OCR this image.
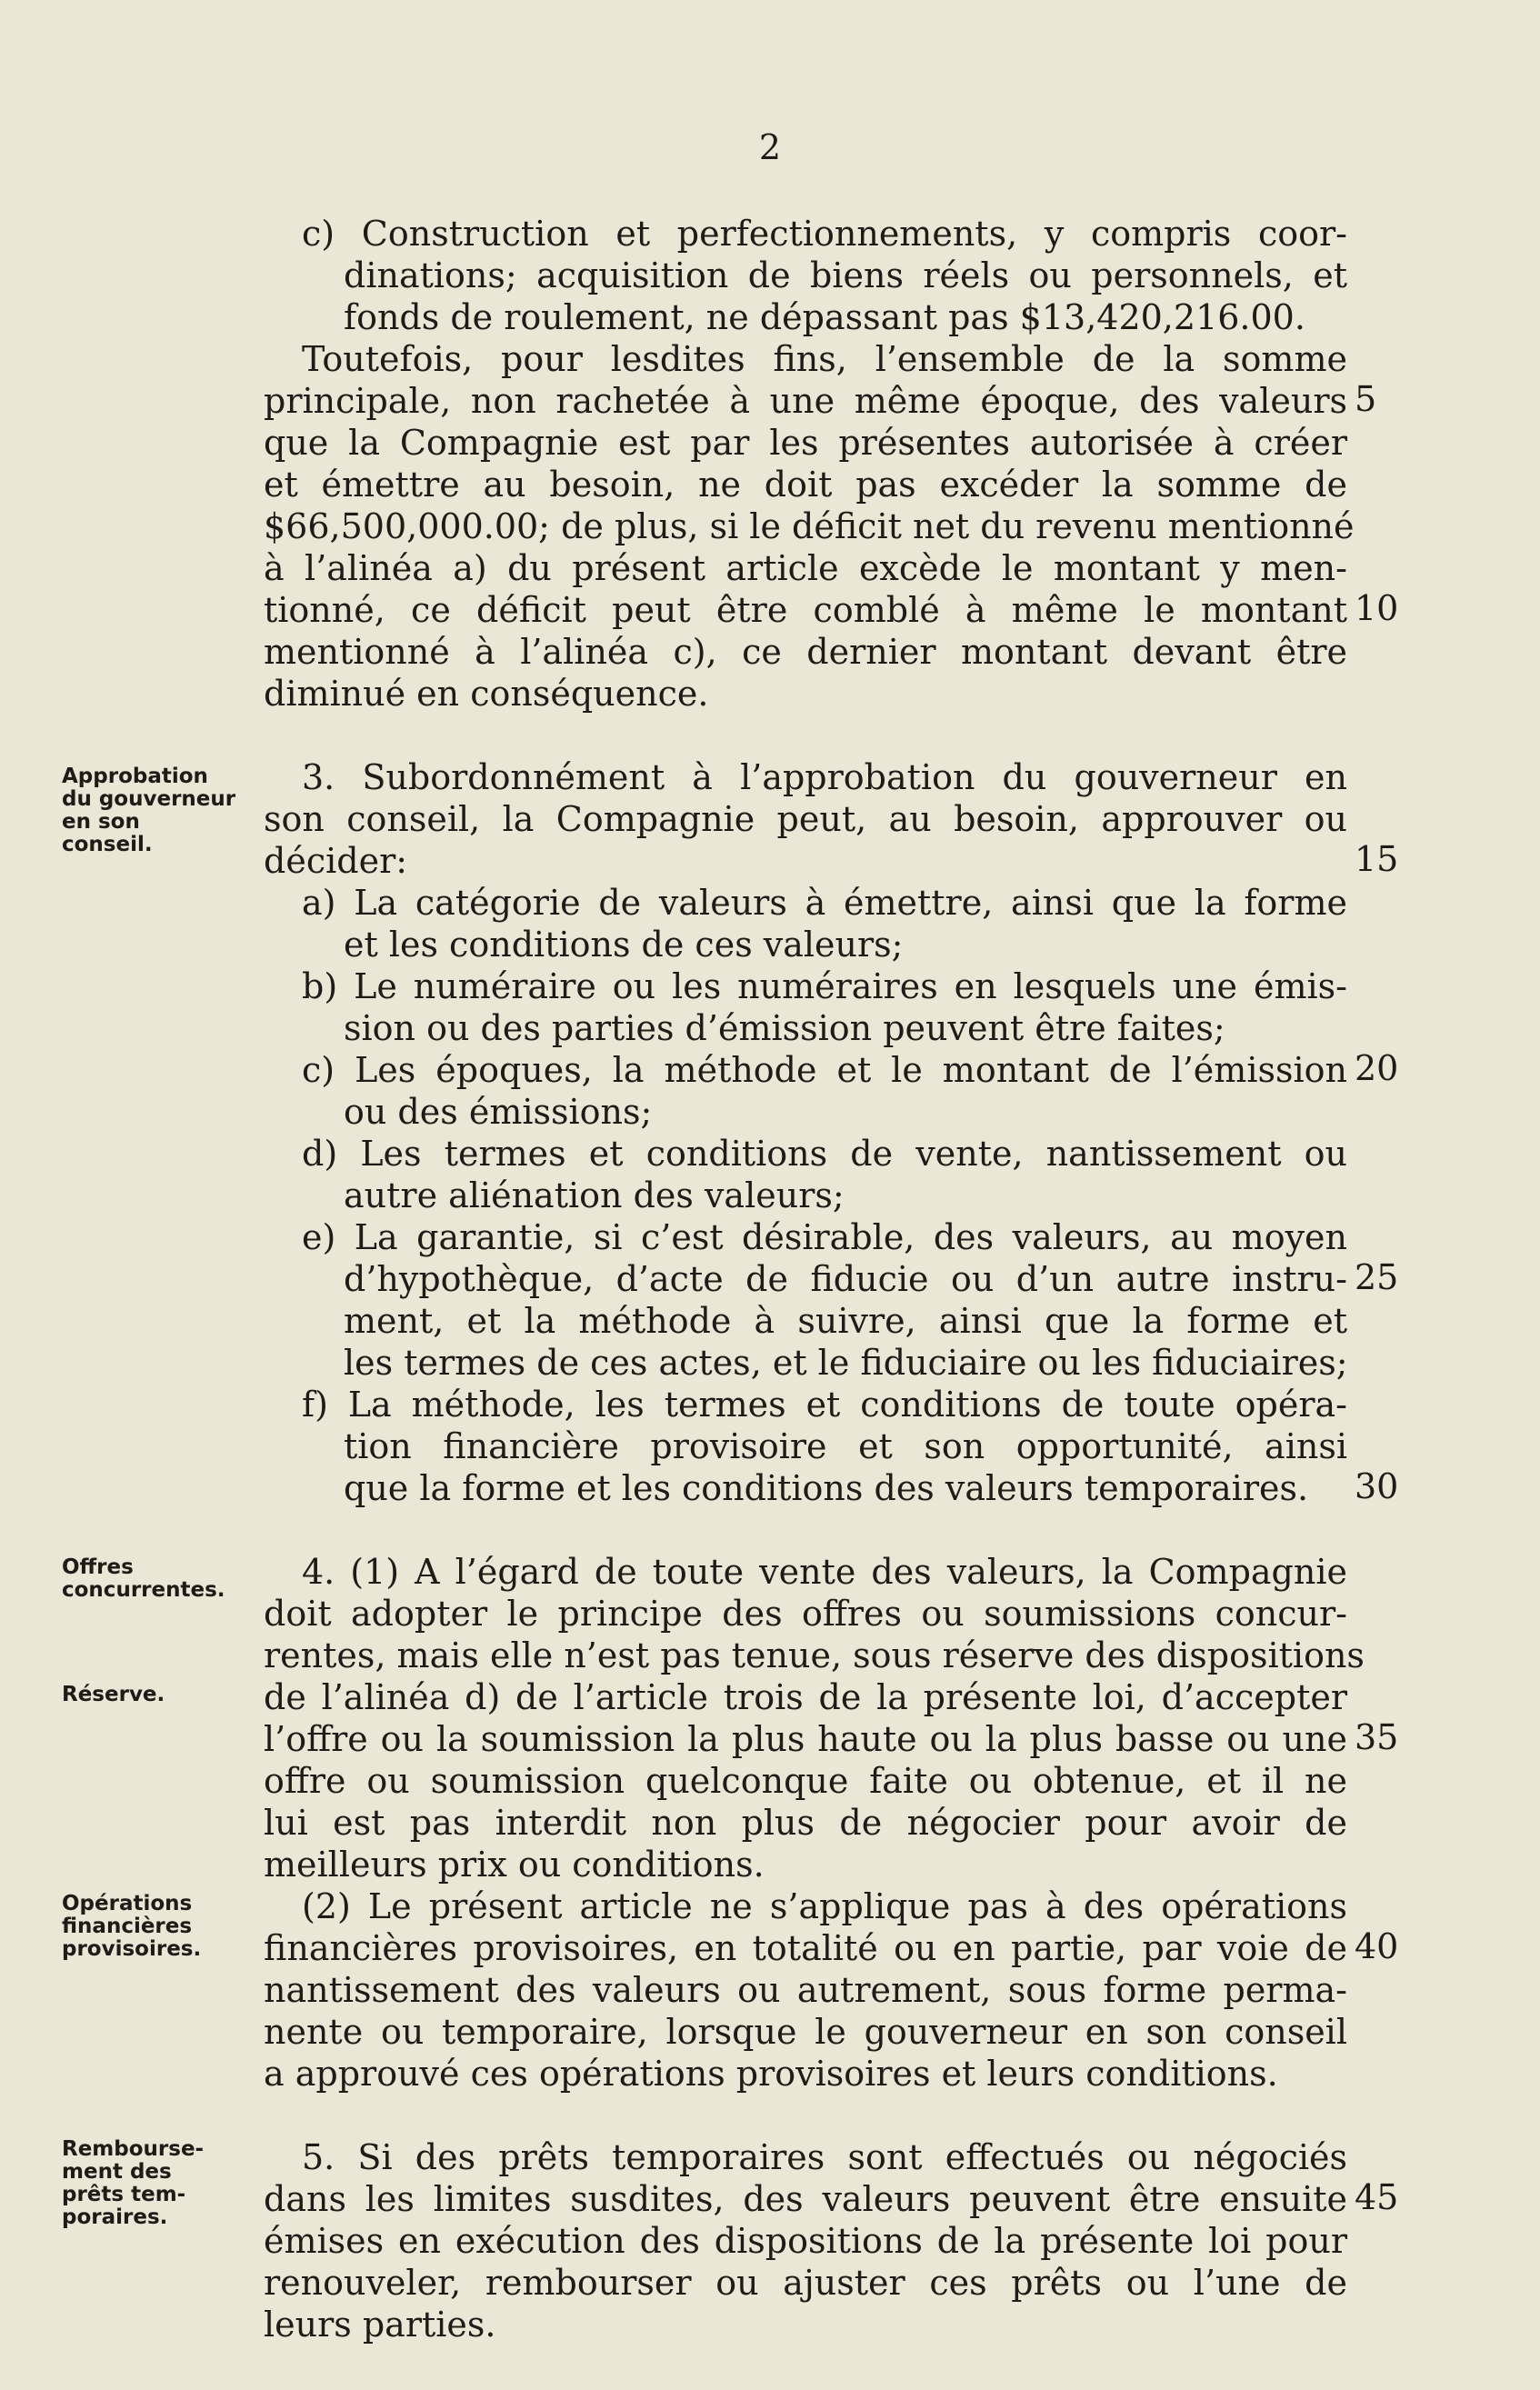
2
Approbation
du gouverneur
en son
conseil.
Offres
concurrentes.
Réserve.
Opérations
financières
provisoires.
Rembourse-
ment des
prêts tem-
poraires.
5
10
15
20
25
30
35
40
45
c) Construction et perfectionnements, y compris coor-
dinations; acquisition de biens réels ou personnels, et
fonds de roulement, ne dépassant pas $13,420,216.00.
Toutefois, pour lesdites fins, l’ensemble de la somme
principale, non rachetée à une même époque, des valeurs
que la Compagnie est par les présentes autorisée à créer
et émettre au besoin, ne doit pas excéder la somme de
$66,500,000.00; de plus, si le déficit net du revenu mentionné
à l’alinéa a) du présent article excède le montant y men-
tionné, ce déficit peut être comblé à même le montant
mentionné à l’alinéa c), ce dernier montant devant être
diminué en conséquence.
3. Subordonnément à l’approbation du gouverneur en
son conseil, la Compagnie peut, au besoin, approuver ou
décider:
a) La catégorie de valeurs à émettre, ainsi que la forme
et les conditions de ces valeurs;
b) Le numéraire ou les numéraires en lesquels une émis-
sion ou des parties d’émission peuvent être faites;
c) Les époques, la méthode et le montant de l’émission
ou des émissions;
d) Les termes et conditions de vente, nantissement ou
autre aliénation des valeurs;
e) La garantie, si c’est désirable, des valeurs, au moyen
d’hypothèque, d’acte de fiducie ou d’un autre instru-
ment, et la méthode à suivre, ainsi que la forme et
les termes de ces actes, et le fiduciaire ou les fiduciaires;
f) La méthode, les termes et conditions de toute opéra-
tion financière provisoire et son opportunité, ainsi
que la forme et les conditions des valeurs temporaires.
4. (1) A l’égard de toute vente des valeurs, la Compagnie
doit adopter le principe des offres ou soumissions concur-
rentes, mais elle n’est pas tenue, sous réserve des dispositions
de l’alinéa d) de l’article trois de la présente loi, d’accepter
l’offre ou la soumission la plus haute ou la plus basse ou une
offre ou soumission quelconque faite ou obtenue, et il ne
lui est pas interdit non plus de négocier pour avoir de
meilleurs prix ou conditions.
(2) Le présent article ne s’applique pas à des opérations
financières provisoires, en totalité ou en partie, par voie de
nantissement des valeurs ou autrement, sous forme perma-
nente ou temporaire, lorsque le gouverneur en son conseil
a approuvé ces opérations provisoires et leurs conditions.
5. Si des prêts temporaires sont effectués ou négociés
dans les limites susdites, des valeurs peuvent être ensuite
émises en exécution des dispositions de la présente loi pour
renouveler, rembourser ou ajuster ces prêts ou l’une de
leurs parties.
